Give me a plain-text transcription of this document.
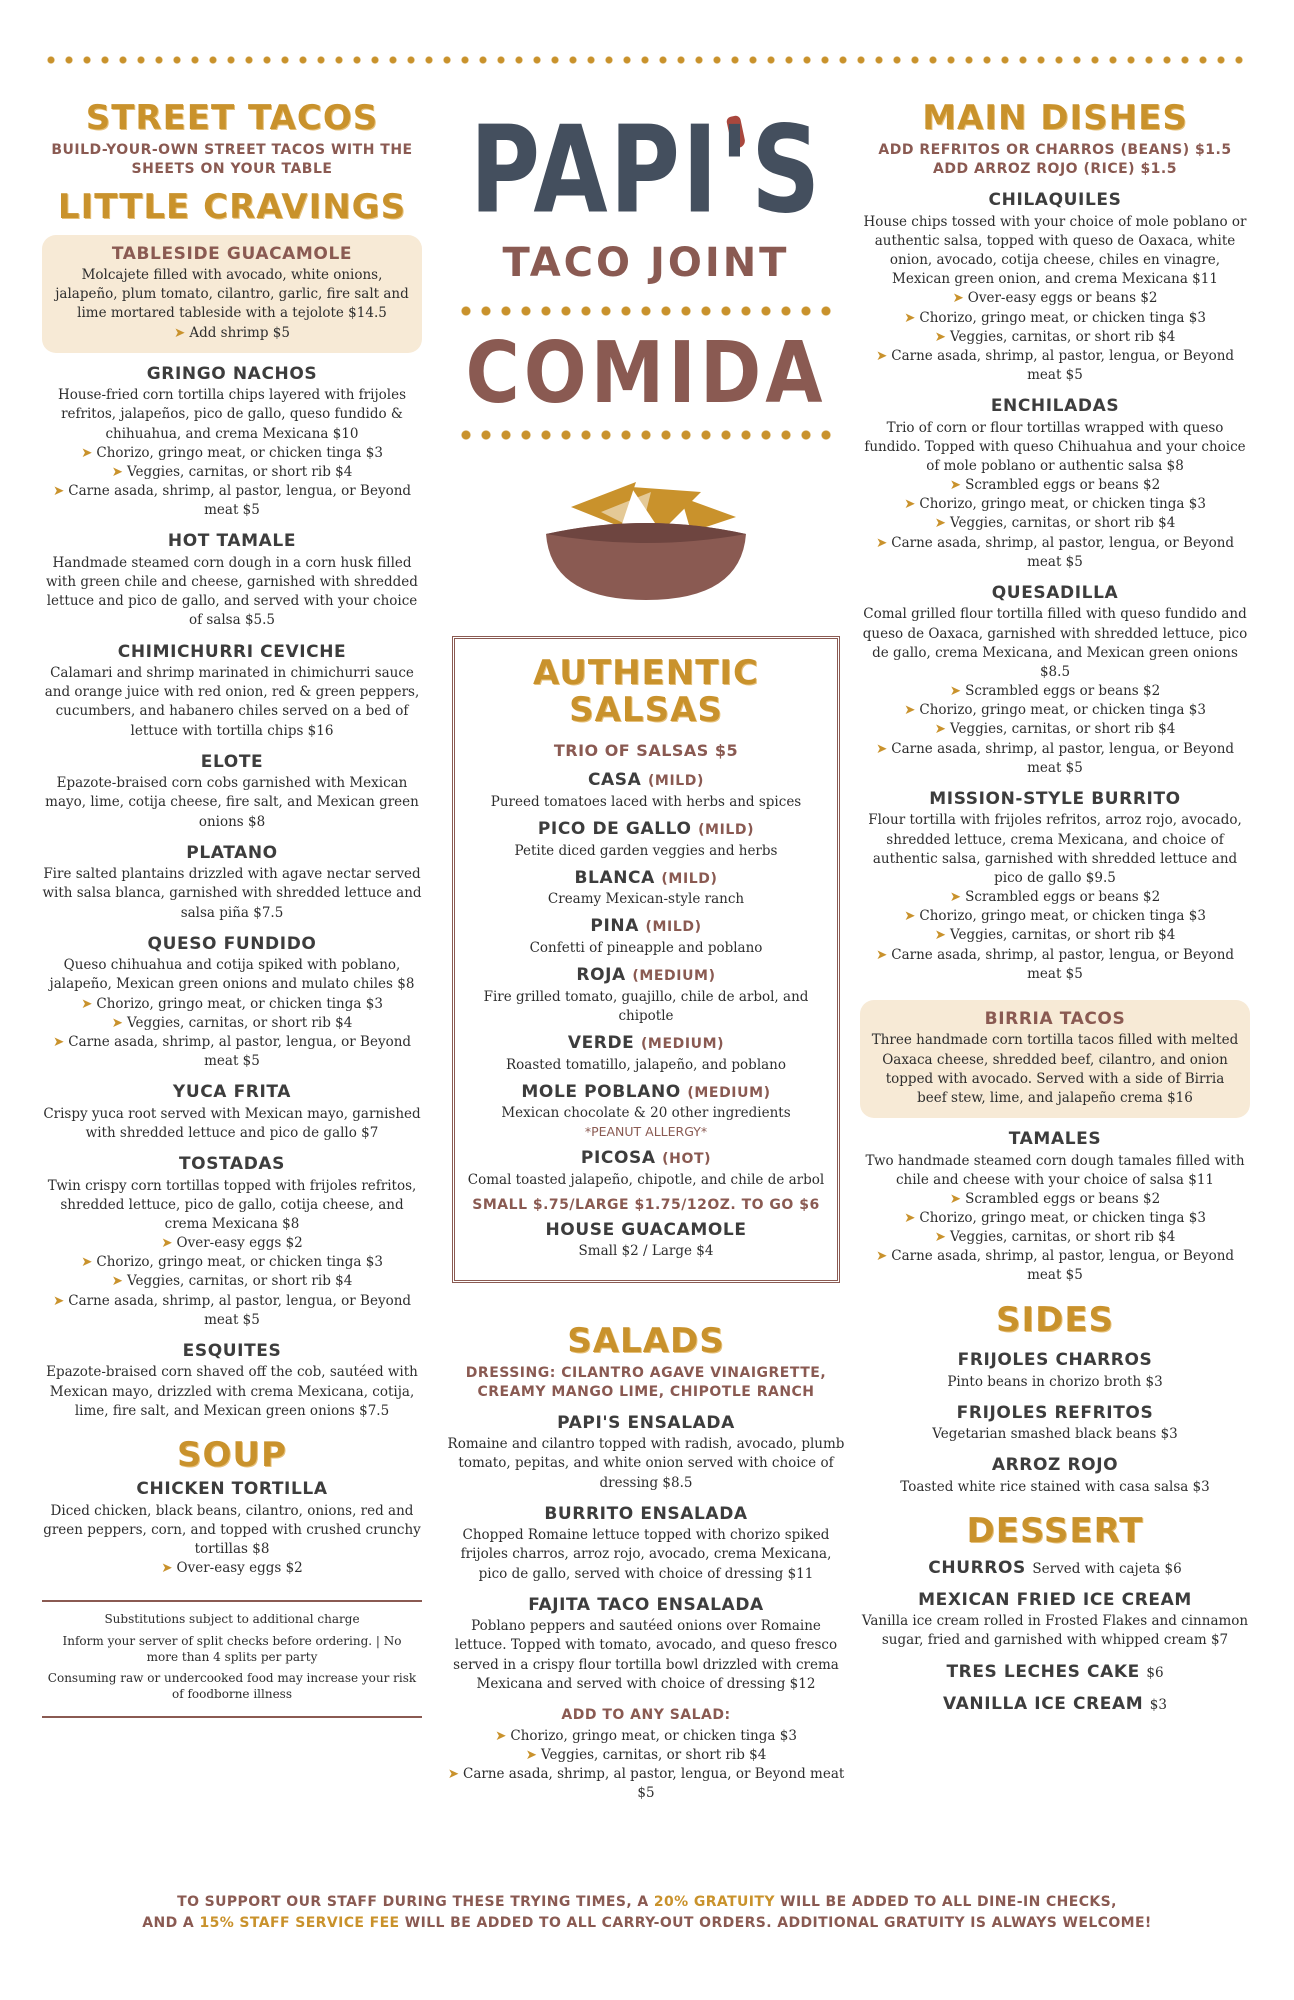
STREET TACOS

BUILD-YOUR-OWN STREET TACOS WITH THE SHEETS ON YOUR TABLE

LITTLE CRAVINGS
TABLESIDE GUACAMOLE

Molcajete filled with avocado, white onions, jalapeño, plum tomato, cilantro, garlic, fire salt and lime mortared tableside with a tejolote $14.5

➤ Add shrimp $5

GRINGO NACHOS

House-fried corn tortilla chips layered with frijoles refritos, jalapeños, pico de gallo, queso fundido & chihuahua, and crema Mexicana $10

➤ Chorizo, gringo meat, or chicken tinga $3

➤ Veggies, carnitas, or short rib $4

➤ Carne asada, shrimp, al pastor, lengua, or Beyond meat $5

HOT TAMALE

Handmade steamed corn dough in a corn husk filled with green chile and cheese, garnished with shredded lettuce and pico de gallo, and served with your choice of salsa $5.5

CHIMICHURRI CEVICHE

Calamari and shrimp marinated in chimichurri sauce and orange juice with red onion, red & green peppers, cucumbers, and habanero chiles served on a bed of lettuce with tortilla chips $16

ELOTE

Epazote-braised corn cobs garnished with Mexican mayo, lime, cotija cheese, fire salt, and Mexican green onions $8

PLATANO

Fire salted plantains drizzled with agave nectar served with salsa blanca, garnished with shredded lettuce and salsa piña $7.5

QUESO FUNDIDO

Queso chihuahua and cotija spiked with poblano, jalapeño, Mexican green onions and mulato chiles $8

➤ Chorizo, gringo meat, or chicken tinga $3

➤ Veggies, carnitas, or short rib $4

➤ Carne asada, shrimp, al pastor, lengua, or Beyond meat $5

YUCA FRITA

Crispy yuca root served with Mexican mayo, garnished with shredded lettuce and pico de gallo $7

TOSTADAS

Twin crispy corn tortillas topped with frijoles refritos, shredded lettuce, pico de gallo, cotija cheese, and crema Mexicana $8

➤ Over-easy eggs $2

➤ Chorizo, gringo meat, or chicken tinga $3

➤ Veggies, carnitas, or short rib $4

➤ Carne asada, shrimp, al pastor, lengua, or Beyond meat $5

ESQUITES

Epazote-braised corn shaved off the cob, sautéed with Mexican mayo, drizzled with crema Mexicana, cotija, lime, fire salt, and Mexican green onions $7.5

SOUP
CHICKEN TORTILLA

Diced chicken, black beans, cilantro, onions, red and green peppers, corn, and topped with crushed crunchy tortillas $8

➤ Over-easy eggs $2

Substitutions subject to additional charge

Inform your server of split checks before ordering. | No more than 4 splits per party

Consuming raw or undercooked food may increase your risk of foodborne illness

PAPI'S
TACO JOINT
COMIDA
AUTHENTIC
SALSAS

TRIO OF SALSAS $5

CASA (MILD)

Pureed tomatoes laced with herbs and spices

PICO DE GALLO (MILD)

Petite diced garden veggies and herbs

BLANCA (MILD)

Creamy Mexican-style ranch

PINA (MILD)

Confetti of pineapple and poblano

ROJA (MEDIUM)

Fire grilled tomato, guajillo, chile de arbol, and chipotle

VERDE (MEDIUM)

Roasted tomatillo, jalapeño, and poblano

MOLE POBLANO (MEDIUM)

Mexican chocolate & 20 other ingredients

*PEANUT ALLERGY*

PICOSA (HOT)

Comal toasted jalapeño, chipotle, and chile de arbol

SMALL $.75/LARGE $1.75/12OZ. TO GO $6

HOUSE GUACAMOLE

Small $2 / Large $4

SALADS

DRESSING: CILANTRO AGAVE VINAIGRETTE, CREAMY MANGO LIME, CHIPOTLE RANCH

PAPI'S ENSALADA

Romaine and cilantro topped with radish, avocado, plumb tomato, pepitas, and white onion served with choice of dressing $8.5

BURRITO ENSALADA

Chopped Romaine lettuce topped with chorizo spiked frijoles charros, arroz rojo, avocado, crema Mexicana, pico de gallo, served with choice of dressing $11

FAJITA TACO ENSALADA

Poblano peppers and sautéed onions over Romaine lettuce. Topped with tomato, avocado, and queso fresco served in a crispy flour tortilla bowl drizzled with crema Mexicana and served with choice of dressing $12

ADD TO ANY SALAD:

➤ Chorizo, gringo meat, or chicken tinga $3

➤ Veggies, carnitas, or short rib $4

➤ Carne asada, shrimp, al pastor, lengua, or Beyond meat $5

MAIN DISHES

ADD REFRITOS OR CHARROS (BEANS) $1.5

ADD ARROZ ROJO (RICE) $1.5

CHILAQUILES

House chips tossed with your choice of mole poblano or authentic salsa, topped with queso de Oaxaca, white onion, avocado, cotija cheese, chiles en vinagre, Mexican green onion, and crema Mexicana $11

➤ Over-easy eggs or beans $2

➤ Chorizo, gringo meat, or chicken tinga $3

➤ Veggies, carnitas, or short rib $4

➤ Carne asada, shrimp, al pastor, lengua, or Beyond meat $5

ENCHILADAS

Trio of corn or flour tortillas wrapped with queso fundido. Topped with queso Chihuahua and your choice of mole poblano or authentic salsa $8

➤ Scrambled eggs or beans $2

➤ Chorizo, gringo meat, or chicken tinga $3

➤ Veggies, carnitas, or short rib $4

➤ Carne asada, shrimp, al pastor, lengua, or Beyond meat $5

QUESADILLA

Comal grilled flour tortilla filled with queso fundido and queso de Oaxaca, garnished with shredded lettuce, pico de gallo, crema Mexicana, and Mexican green onions $8.5

➤ Scrambled eggs or beans $2

➤ Chorizo, gringo meat, or chicken tinga $3

➤ Veggies, carnitas, or short rib $4

➤ Carne asada, shrimp, al pastor, lengua, or Beyond meat $5

MISSION-STYLE BURRITO

Flour tortilla with frijoles refritos, arroz rojo, avocado, shredded lettuce, crema Mexicana, and choice of authentic salsa, garnished with shredded lettuce and pico de gallo $9.5

➤ Scrambled eggs or beans $2

➤ Chorizo, gringo meat, or chicken tinga $3

➤ Veggies, carnitas, or short rib $4

➤ Carne asada, shrimp, al pastor, lengua, or Beyond meat $5

BIRRIA TACOS

Three handmade corn tortilla tacos filled with melted Oaxaca cheese, shredded beef, cilantro, and onion topped with avocado. Served with a side of Birria beef stew, lime, and jalapeño crema $16

TAMALES

Two handmade steamed corn dough tamales filled with chile and cheese with your choice of salsa $11

➤ Scrambled eggs or beans $2

➤ Chorizo, gringo meat, or chicken tinga $3

➤ Veggies, carnitas, or short rib $4

➤ Carne asada, shrimp, al pastor, lengua, or Beyond meat $5

SIDES
FRIJOLES CHARROS

Pinto beans in chorizo broth $3

FRIJOLES REFRITOS

Vegetarian smashed black beans $3

ARROZ ROJO

Toasted white rice stained with casa salsa $3

DESSERT
CHURROS Served with cajeta $6
MEXICAN FRIED ICE CREAM

Vanilla ice cream rolled in Frosted Flakes and cinnamon sugar, fried and garnished with whipped cream $7

TRES LECHES CAKE $6
VANILLA ICE CREAM $3
TO SUPPORT OUR STAFF DURING THESE TRYING TIMES, A 20% GRATUITY WILL BE ADDED TO ALL DINE-IN CHECKS,
AND A 15% STAFF SERVICE FEE WILL BE ADDED TO ALL CARRY-OUT ORDERS. ADDITIONAL GRATUITY IS ALWAYS WELCOME!
